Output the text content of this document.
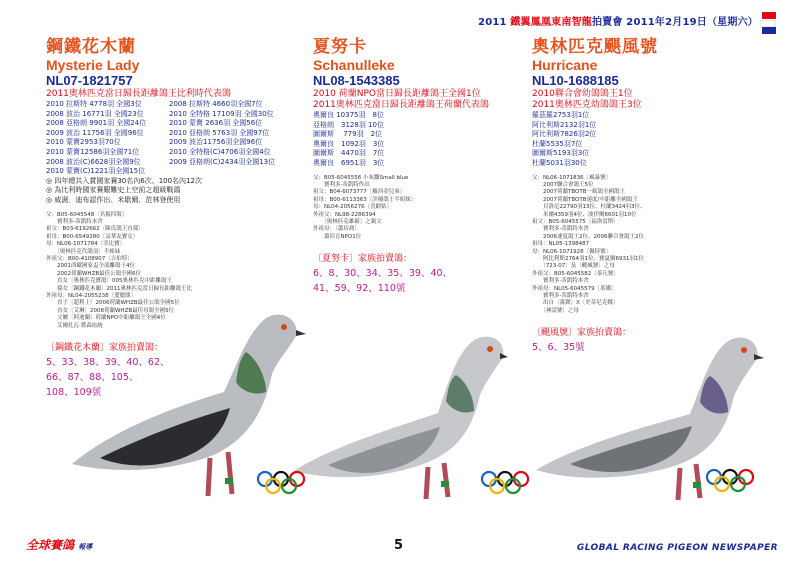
2011 鐵翼鳳凰東南智龍拍賣會 2011年2月19日（星期六）
鋼鐵花木蘭
Mysterie Lady
NL07-1821757
2011奧林匹克當日歸長距離鴿王比利時代表鴿
2010 拉斯特 4778羽 全國3位	2008 拉斯特 4660羽全國7位
2008 波治 16771羽 全國23位	2010 全特格 17109羽 全國30位
2008 亞格朗 9901羽 全國24位	2010 蒙寶 2636羽 全國56位
2009 波治 11756羽 全國96位	2010 亞格朗 5763羽 全國97位
2010 蒙寶2953羽70位	2009 波治11756羽全國96位
2010 蒙寶12586羽全國71位	2010 全特格(C)4706羽全國4位
2008 波治(C)6628羽全國9位	2009 亞格朗(C)2434羽全國13位
2010 蒙寶(C)1221羽全國15位
◎ 四年總共入賞國家賽30名內6次、100名內12次
◎ 為比利時國家賽艱難史上空前之超級戰鴿
◎ 威濕．迪布認作出、米歇爾．范林登使用
父：B05-6045548〔名揚四海〕
　　寶利多·蒂凱特本舍
祖父：B03-6192662〔陳氏鴿王直孫〕
祖母：B00-6549280〔益華友寶女〕
母：NL06-1071784〔亞比寶〕
　　〔奧林匹克代鴿羽〕半姊妹
外祖父：B00-4108907〔吉伯特〕
　　2001西歐國家盃全部離鴿王4位
　　2002荷蘭WHZB最佳公鴿全國6位
　　直女〔奧林匹克寶鴿〕005奧林匹克中距離鴿王
　　孫女〔鋼鐵花木蘭〕2011奧林匹克當日歸長距離鴿王比
外祖母：NL04-2055238〔愛麗絲〕
　　直子〔超利士〕2006荷蘭WHZB最佳公鴿全國5位
　　直女〔艾琳〕2008荷蘭WHZB最佳母鴿全國5位
　　父屬〔阿迪蘭〕荷蘭NPO中距離鴿王全國4位
　　艾爾扎瓦·鶯森血統
〔鋼鐵花木蘭〕家族拍賣鴿：
5、33、38、39、40、62、
66、87、88、105、
108、109號
夏努卡
Schanulleke
NL08-1543385
2010 荷蘭NPO當日歸長距離鴿王全國1位
2011奧林匹克當日歸長距離鴿王荷蘭代表鴿
奧爾良 10375羽　8位
亞格朗　3128羽 10位
圖爾斯　 779羽　2位
奧爾良　1092羽　3位
圖爾斯　4470羽　7位
奧爾良　6951羽　3位
父：B05-6045556 小灰雛Small blue
　　寶利多·蒂凱特作出
祖父：B04-6073777〔羅西金兒弟〕
祖母：B00-6113363〔評優鴿王半姐妹〕
母：NL04-2056276〔喜緞姑〕
外祖父：NL98-2286394
　　〔奧林匹克雄霸〕之親父
外祖母：〔蕭培裔〕
　　蕭培育NPO1位
〔夏努卡〕家族拍賣鴿：
6、8、30、34、35、39、40、
41、59、92、110號
奧林匹克颶風號
Hurricane
NL10-1688185
2010聯合會幼鴿鴿王1位
2011奧林匹克幼鴿鴿王3位
羅茲羅2753羽1位
阿比利斯2132羽1位
阿比利斯7826羽2位
杜蘭5535羽7位
圖爾斯5193羽3位
杜蘭5031羽30位
父：NL06-1071836〔風暴號〕
　　2007聯合會鴿王5位
　　2007荷蘭TBOTB一級鴿全國鴿王
　　2007荷蘭TBOTB速度/中距離全國鴿王
　　貝洛尼22790羽13位、杜蘭3424羽3位、
　　米爾4359羽4位、波伊爾6601羽10位
祖父：B05-6045575〔福洛雷斯〕
　　寶利多·蒂凱特本舍
　　2006速度鴿王2位、2006聯合會鴿王2位
祖母：NL05-1398487
母：NL06-1071928〔佩特號〕
　　阿比利斯2764羽1位、賽夏爾6931羽1位
　　〔723-07〕及〔颶風號〕之母
外祖父：B05-6045582〔茶凡號〕
　　寶利多·蒂凱特本舍
外祖母：NL05-6045579〔茶娜〕
　　寶利多·蒂凱特本舍
　　出自〔霧舞〕X〔史蒂尼克娜〕
　　〔神話號〕之母
〔颶風號〕家族拍賣鴿：
5、6、35號
全球賽鴿 報導	5	GLOBAL RACING PIGEON NEWSPAPER
